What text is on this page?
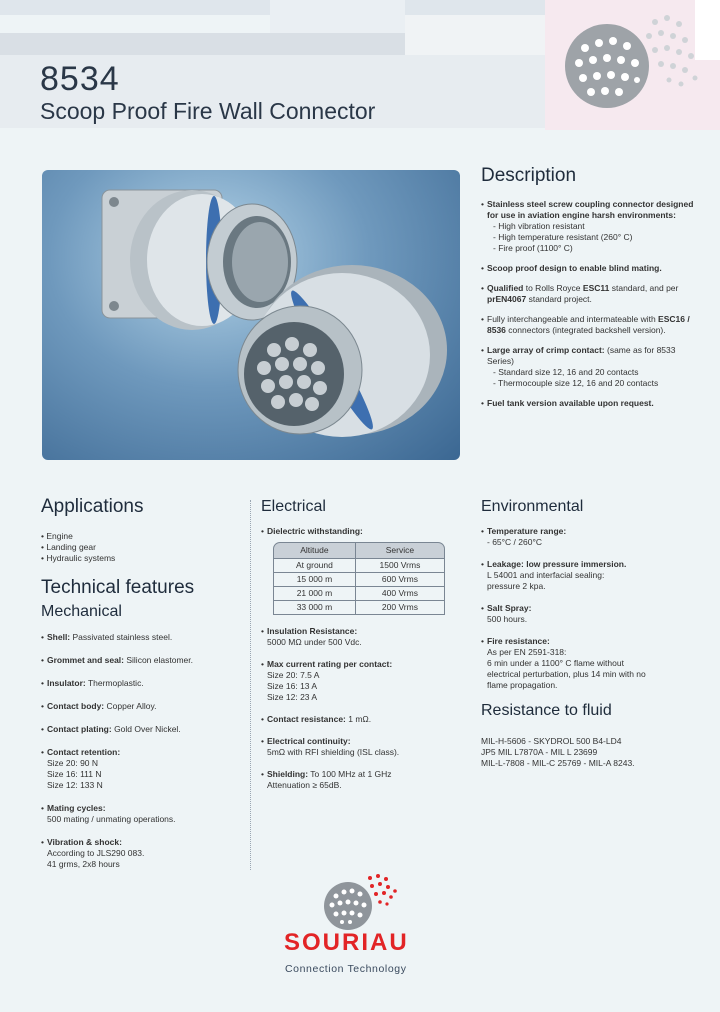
8534
Scoop Proof Fire Wall Connector
Description
• Stainless steel screw coupling connector designed for use in aviation engine harsh environments:
- High vibration resistant
- High temperature resistant (260° C)
- Fire proof (1100° C)
• Scoop proof design to enable blind mating.
• Qualified to Rolls Royce ESC11 standard, and per prEN4067 standard project.
• Fully interchangeable and intermateable with ESC16 / 8536 connectors (integrated backshell version).
• Large array of crimp contact: (same as for 8533 Series)
- Standard size 12, 16 and 20 contacts
- Thermocouple size 12, 16 and 20 contacts
• Fuel tank version available upon request.
Applications
• Engine
• Landing gear
• Hydraulic systems
Technical features
Mechanical
• Shell: Passivated stainless steel.
• Grommet and seal: Silicon elastomer.
• Insulator: Thermoplastic.
• Contact body: Copper Alloy.
• Contact plating: Gold Over Nickel.
• Contact retention:
Size 20: 90 N
Size 16: 111 N
Size 12: 133 N
• Mating cycles:
500 mating / unmating operations.
• Vibration & shock:
According to JLS290 083.
41 grms, 2x8 hours
Electrical
• Dielectric withstanding:
Altitude	Service
At ground	1500 Vrms
15 000 m	600 Vrms
21 000 m	400 Vrms
33 000 m	200 Vrms
• Insulation Resistance:
5000 MΩ under 500 Vdc.
• Max current rating per contact:
Size 20: 7.5 A
Size 16: 13 A
Size 12: 23 A
• Contact resistance: 1 mΩ.
• Electrical continuity:
5mΩ with RFI shielding (ISL class).
• Shielding: To 100 MHz at 1 GHz
Attenuation ≥ 65dB.
Environmental
• Temperature range:
- 65°C / 260°C
• Leakage: low pressure immersion.
L 54001 and interfacial sealing:
pressure 2 kpa.
• Salt Spray:
500 hours.
• Fire resistance:
As per EN 2591-318:
6 min under a 1100° C flame without
electrical perturbation, plus 14 min with no
flame propagation.
Resistance to fluid
MIL-H-5606 - SKYDROL 500 B4-LD4
JP5 MIL L7870A - MIL L 23699
MIL-L-7808 - MIL-C 25769 - MIL-A 8243.
SOURIAU
Connection Technology
